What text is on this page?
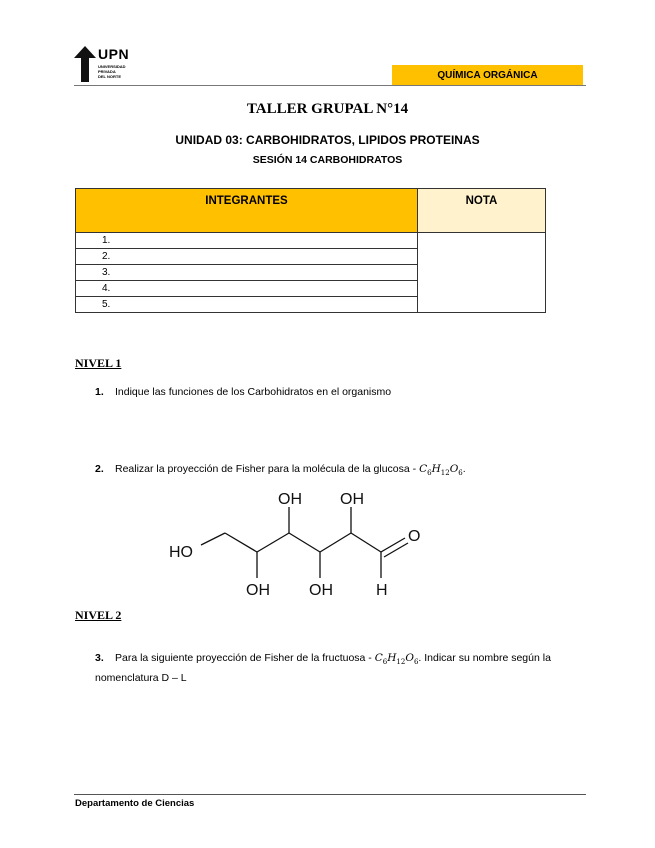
UPN
UNIVERSIDAD
PRIVADA
DEL NORTE	QUÍMICA ORGÁNICA
TALLER GRUPAL N°14
UNIDAD 03: CARBOHIDRATOS, LIPIDOS PROTEINAS
SESIÓN 14 CARBOHIDRATOS
INTEGRANTES	NOTA
1.	
2.	
3.	
4.	
5.	
NIVEL 1
1. Indique las funciones de los Carbohidratos en el organismo
2. Realizar la proyección de Fisher para la molécula de la glucosa - $C_6H_{12}O_6$.
HO
OH OH
OH OH
O
H
NIVEL 2
3. Para la siguiente proyección de Fisher de la fructuosa - $C_6H_{12}O_6$. Indicar su nombre según la nomenclatura D – L
Departamento de Ciencias
